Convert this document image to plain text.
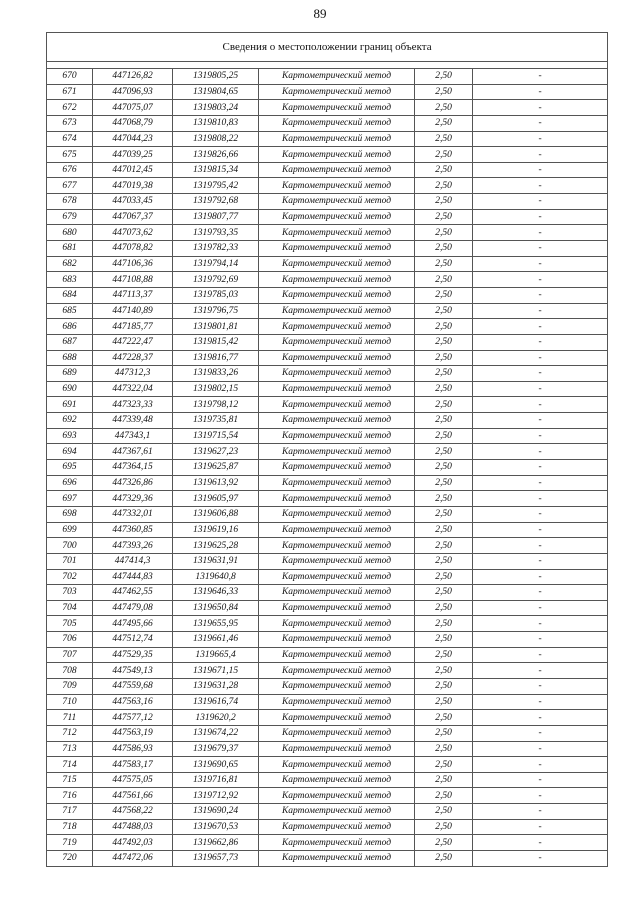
89
Сведения о местоположении границ объекта					

670	447126,82	1319805,25	Картометрический метод	2,50	-
671	447096,93	1319804,65	Картометрический метод	2,50	-
672	447075,07	1319803,24	Картометрический метод	2,50	-
673	447068,79	1319810,83	Картометрический метод	2,50	-
674	447044,23	1319808,22	Картометрический метод	2,50	-
675	447039,25	1319826,66	Картометрический метод	2,50	-
676	447012,45	1319815,34	Картометрический метод	2,50	-
677	447019,38	1319795,42	Картометрический метод	2,50	-
678	447033,45	1319792,68	Картометрический метод	2,50	-
679	447067,37	1319807,77	Картометрический метод	2,50	-
680	447073,62	1319793,35	Картометрический метод	2,50	-
681	447078,82	1319782,33	Картометрический метод	2,50	-
682	447106,36	1319794,14	Картометрический метод	2,50	-
683	447108,88	1319792,69	Картометрический метод	2,50	-
684	447113,37	1319785,03	Картометрический метод	2,50	-
685	447140,89	1319796,75	Картометрический метод	2,50	-
686	447185,77	1319801,81	Картометрический метод	2,50	-
687	447222,47	1319815,42	Картометрический метод	2,50	-
688	447228,37	1319816,77	Картометрический метод	2,50	-
689	447312,3	1319833,26	Картометрический метод	2,50	-
690	447322,04	1319802,15	Картометрический метод	2,50	-
691	447323,33	1319798,12	Картометрический метод	2,50	-
692	447339,48	1319735,81	Картометрический метод	2,50	-
693	447343,1	1319715,54	Картометрический метод	2,50	-
694	447367,61	1319627,23	Картометрический метод	2,50	-
695	447364,15	1319625,87	Картометрический метод	2,50	-
696	447326,86	1319613,92	Картометрический метод	2,50	-
697	447329,36	1319605,97	Картометрический метод	2,50	-
698	447332,01	1319606,88	Картометрический метод	2,50	-
699	447360,85	1319619,16	Картометрический метод	2,50	-
700	447393,26	1319625,28	Картометрический метод	2,50	-
701	447414,3	1319631,91	Картометрический метод	2,50	-
702	447444,83	1319640,8	Картометрический метод	2,50	-
703	447462,55	1319646,33	Картометрический метод	2,50	-
704	447479,08	1319650,84	Картометрический метод	2,50	-
705	447495,66	1319655,95	Картометрический метод	2,50	-
706	447512,74	1319661,46	Картометрический метод	2,50	-
707	447529,35	1319665,4	Картометрический метод	2,50	-
708	447549,13	1319671,15	Картометрический метод	2,50	-
709	447559,68	1319631,28	Картометрический метод	2,50	-
710	447563,16	1319616,74	Картометрический метод	2,50	-
711	447577,12	1319620,2	Картометрический метод	2,50	-
712	447563,19	1319674,22	Картометрический метод	2,50	-
713	447586,93	1319679,37	Картометрический метод	2,50	-
714	447583,17	1319690,65	Картометрический метод	2,50	-
715	447575,05	1319716,81	Картометрический метод	2,50	-
716	447561,66	1319712,92	Картометрический метод	2,50	-
717	447568,22	1319690,24	Картометрический метод	2,50	-
718	447488,03	1319670,53	Картометрический метод	2,50	-
719	447492,03	1319662,86	Картометрический метод	2,50	-
720	447472,06	1319657,73	Картометрический метод	2,50	-
